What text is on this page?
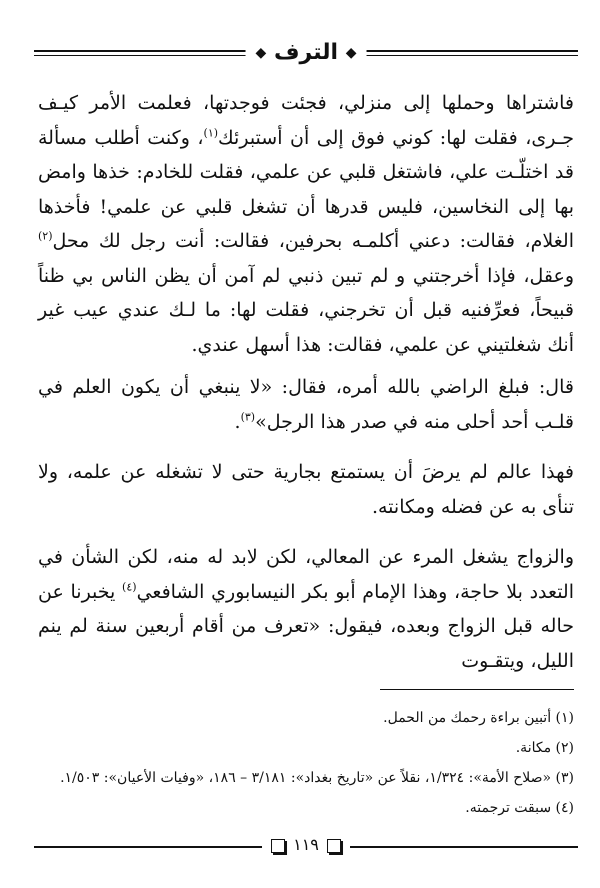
◆ الترف ◆

فاشتراها وحملها إلى منزلي، فجئت فوجدتها، فعلمت الأمر كيـف جـرى، فقلت لها: كوني فوق إلى أن أستبرئك$^{(١)}$، وكنت أطلب مسألة قد اختلّـت علي، فاشتغل قلبي عن علمي، فقلت للخادم: خذها وامض بها إلى النخاسين، فليس قدرها أن تشغل قلبي عن علمي! فأخذها الغلام، فقالت: دعني أكلمـه بحرفين، فقالت: أنت رجل لك محل$^{(٢)}$ وعقل، فإذا أخرجتني و لم تبين ذنبي لم آمن أن يظن الناس بي ظناً قبيحاً، فعرِّفنيه قبل أن تخرجني، فقلت لها: ما لـك عندي عيب غير أنك شغلتيني عن علمي، فقالت: هذا أسهل عندي.

قال: فبلغ الراضي بالله أمره، فقال: «لا ينبغي أن يكون العلم في قلـب أحد أحلى منه في صدر هذا الرجل»$^{(٣)}$.

فهذا عالم لم يرضَ أن يستمتع بجارية حتى لا تشغله عن علمه، ولا تنأى به عن فضله ومكانته.

والزواج يشغل المرء عن المعالي، لكن لابد له منه، لكن الشأن في التعدد بلا حاجة، وهذا الإمام أبو بكر النيسابوري الشافعي$^{(٤)}$ يخبرنا عن حاله قبل الزواج وبعده، فيقول: «تعرف من أقام أربعين سنة لم ينم الليل، ويتقـوت

(١) أتبين براءة رحمك من الحمل.

(٢) مكانة.

(٣) «صلاح الأمة»: ١/٣٢٤، نقلاً عن «تاريخ بغداد»: ٣/١٨١ – ١٨٦، «وفيات الأعيان»: ١/٥٠٣.

(٤) سبقت ترجمته.

١١٩
